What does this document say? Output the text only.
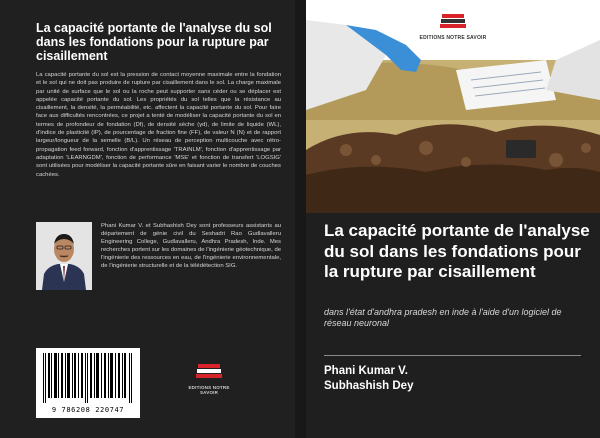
La capacité portante de l'analyse du sol dans les fondations pour la rupture par cisaillement
La capacité portante du sol est la pression de contact moyenne maximale entre la fondation et le sol qui ne doit pas produire de rupture par cisaillement dans le sol. La charge maximale par unité de surface que le sol ou la roche peut supporter sans céder ou se déplacer est appelée capacité portante du sol. Les propriétés du sol telles que la résistance au cisaillement, la densité, la perméabilité, etc. affectent la capacité portante du sol. Pour faire face aux difficultés rencontrées, ce projet a tenté de modéliser la capacité portante du sol en termes de profondeur de fondation (Df), de densité sèche (γd), de limite de liquide (WL), d'indice de plasticité (IP), de pourcentage de fraction fine (FF), de valeur N (N) et de rapport largeur/longueur de la semelle (B/L). Un réseau de perception multicouche avec rétro-propagation feed forward, fonction d'apprentissage 'TRAINLM', fonction d'apprentissage par adaptation 'LEARNGDM', fonction de performance 'MSE' et fonction de transfert 'LOGSIG' sont utilisées pour modéliser la capacité portante sûre en faisant varier le nombre de couches cachées.
Phani Kumar V. et Subhashish Dey sont professeurs assistants au département de génie civil du Seshadri Rao Gudlavalleru Engineering College, Gudlavalleru, Andhra Pradesh, Inde. Mes recherches portent sur les domaines de l'ingénierie géotechnique, de l'ingénierie des ressources en eau, de l'ingénierie environnementale, de l'ingénierie structurelle et de la télédétection SIG.
9 786208 220747
EDITIONS NOTRE SAVOIR
EDITIONS NOTRE SAVOIR
La capacité portante de l'analyse du sol dans les fondations pour la rupture par cisaillement
dans l'état d'andhra pradesh en inde à l'aide d'un logiciel de réseau neuronal
Phani Kumar V.
Subhashish Dey
